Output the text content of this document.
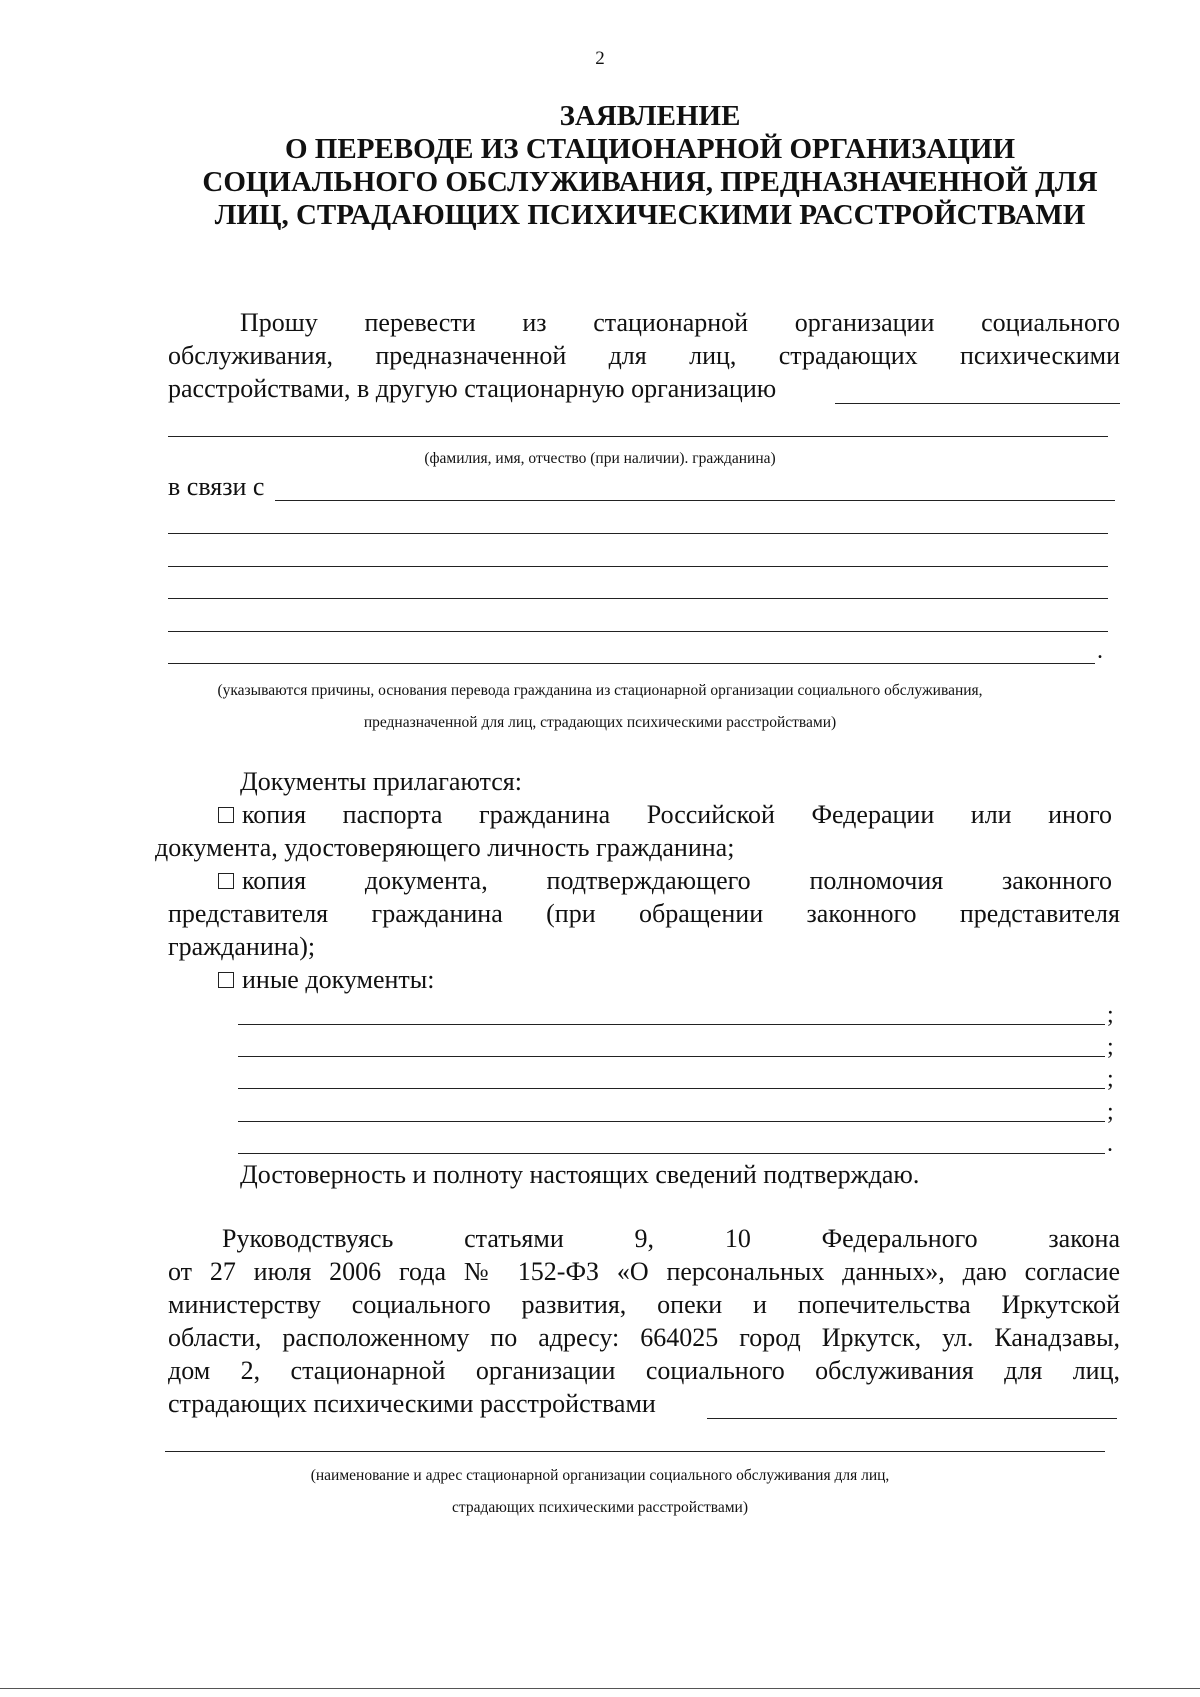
2
ЗАЯВЛЕНИЕ
О ПЕРЕВОДЕ ИЗ СТАЦИОНАРНОЙ ОРГАНИЗАЦИИ
СОЦИАЛЬНОГО ОБСЛУЖИВАНИЯ, ПРЕДНАЗНАЧЕННОЙ ДЛЯ
ЛИЦ, СТРАДАЮЩИХ ПСИХИЧЕСКИМИ РАССТРОЙСТВАМИ
Прошу перевести из стационарной организации социального
обслуживания, предназначенной для лиц, страдающих психическими
расстройствами, в другую стационарную организацию
(фамилия, имя, отчество (при наличии). гражданина)
в связи с
.
(указываются причины, основания перевода гражданина из стационарной организации социального обслуживания,
предназначенной для лиц, страдающих психическими расстройствами)
Документы прилагаются:
копия паспорта гражданина Российской Федерации или иного
документа, удостоверяющего личность гражданина;
копия документа, подтверждающего полномочия законного
представителя гражданина (при обращении законного представителя
гражданина);
иные документы:
;
;
;
;
.
Достоверность и полноту настоящих сведений подтверждаю.
Руководствуясь статьями 9, 10 Федерального закона
от 27 июля 2006 года № 152-ФЗ «О персональных данных», даю согласие
министерству социального развития, опеки и попечительства Иркутской
области, расположенному по адресу: 664025 город Иркутск, ул. Канадзавы,
дом 2, стационарной организации социального обслуживания для лиц,
страдающих психическими расстройствами
(наименование и адрес стационарной организации социального обслуживания для лиц,
страдающих психическими расстройствами)
